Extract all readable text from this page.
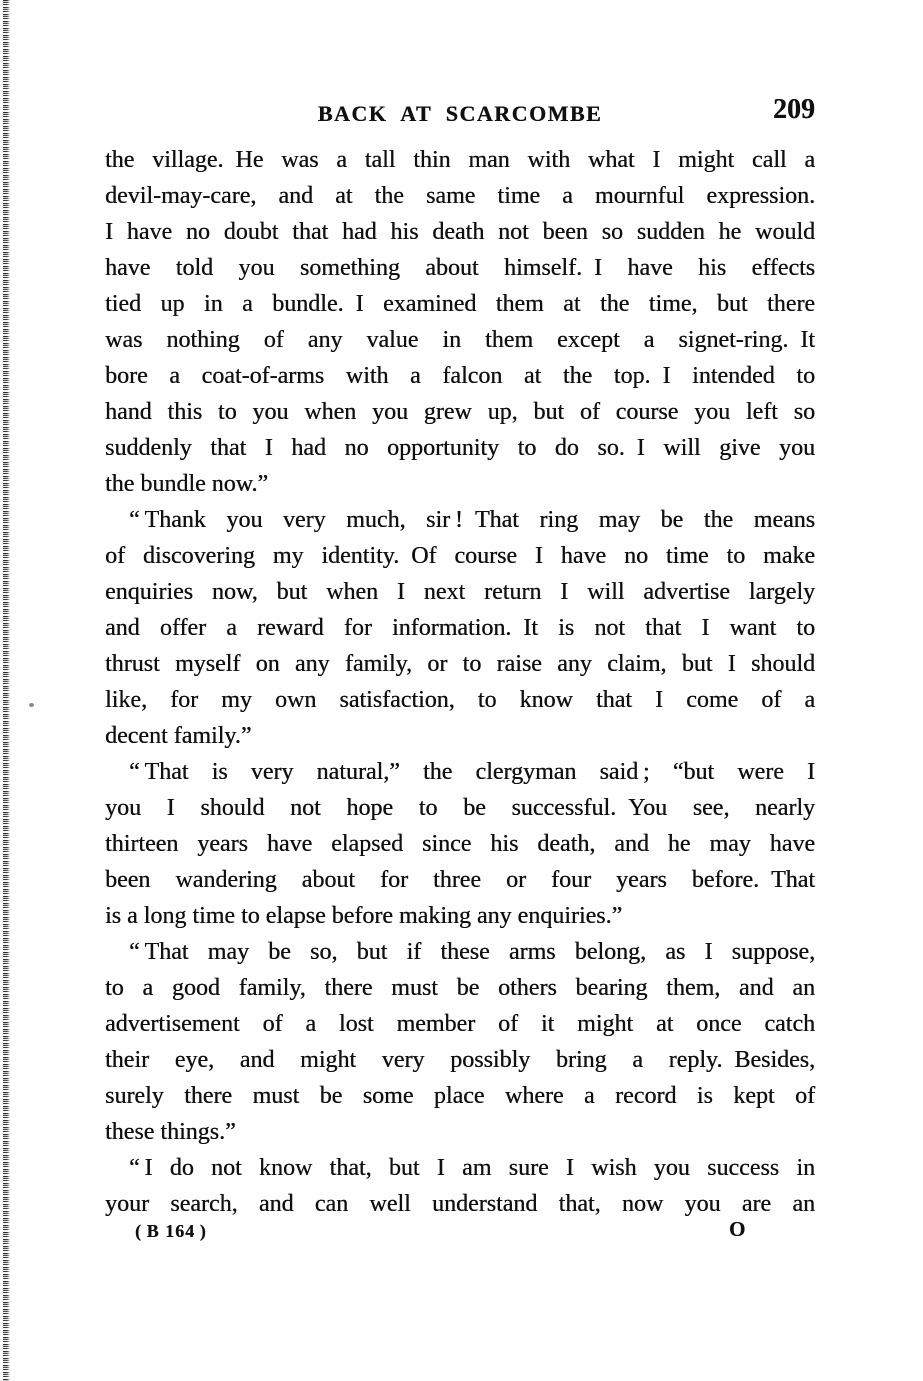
BACK AT SCARCOMBE	209
the village. He was a tall thin man with what I might call a
devil-may-care, and at the same time a mournful expression.
I have no doubt that had his death not been so sudden he would
have told you something about himself. I have his effects
tied up in a bundle. I examined them at the time, but there
was nothing of any value in them except a signet-ring. It
bore a coat-of-arms with a falcon at the top. I intended to
hand this to you when you grew up, but of course you left so
suddenly that I had no opportunity to do so. I will give you
the bundle now.”
“ Thank you very much, sir ! That ring may be the means
of discovering my identity. Of course I have no time to make
enquiries now, but when I next return I will advertise largely
and offer a reward for information. It is not that I want to
thrust myself on any family, or to raise any claim, but I should
like, for my own satisfaction, to know that I come of a
decent family.”
“ That is very natural,” the clergyman said ; “but were I
you I should not hope to be successful. You see, nearly
thirteen years have elapsed since his death, and he may have
been wandering about for three or four years before. That
is a long time to elapse before making any enquiries.”
“ That may be so, but if these arms belong, as I suppose,
to a good family, there must be others bearing them, and an
advertisement of a lost member of it might at once catch
their eye, and might very possibly bring a reply. Besides,
surely there must be some place where a record is kept of
these things.”
“ I do not know that, but I am sure I wish you success in
your search, and can well understand that, now you are an
( B 164 )	O
